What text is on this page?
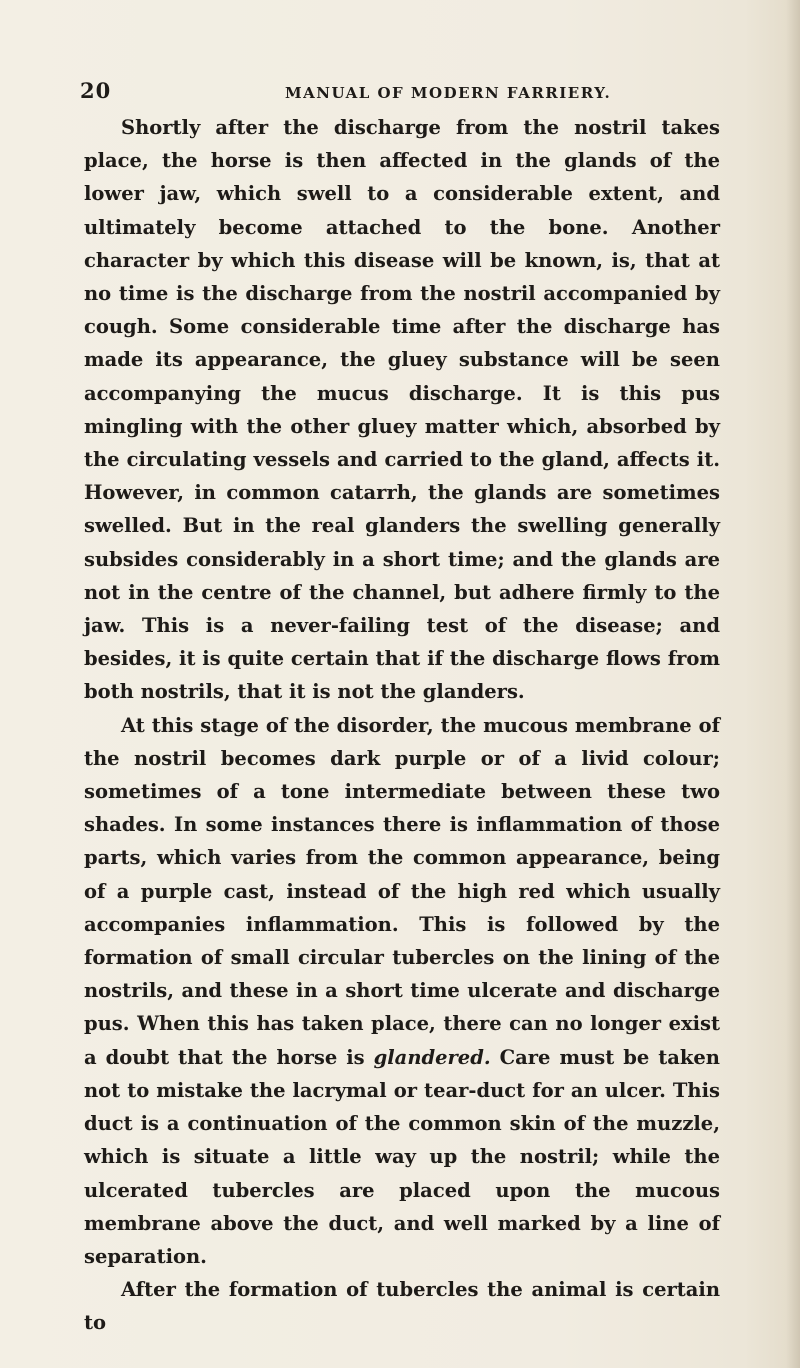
20	MANUAL OF MODERN FARRIERY.

Shortly after the discharge from the nostril takes place, the horse is then affected in the glands of the lower jaw, which swell to a considerable extent, and ultimately become attached to the bone. Another character by which this disease will be known, is, that at no time is the discharge from the nostril accompanied by cough. Some considerable time after the discharge has made its appearance, the gluey substance will be seen accompanying the mucus discharge. It is this pus mingling with the other gluey matter which, absorbed by the circulating vessels and carried to the gland, affects it. However, in common catarrh, the glands are sometimes swelled. But in the real glanders the swelling generally subsides considerably in a short time; and the glands are not in the centre of the channel, but adhere firmly to the jaw. This is a never-failing test of the disease; and besides, it is quite certain that if the discharge flows from both nostrils, that it is not the glanders.

At this stage of the disorder, the mucous membrane of the nostril becomes dark purple or of a livid colour; sometimes of a tone intermediate between these two shades. In some instances there is inflammation of those parts, which varies from the common appearance, being of a purple cast, instead of the high red which usually accompanies inflammation. This is followed by the formation of small circular tubercles on the lining of the nostrils, and these in a short time ulcerate and discharge pus. When this has taken place, there can no longer exist a doubt that the horse is glandered. Care must be taken not to mistake the lacrymal or tear-duct for an ulcer. This duct is a continuation of the common skin of the muzzle, which is situate a little way up the nostril; while the ulcerated tubercles are placed upon the mucous membrane above the duct, and well marked by a line of separation.

After the formation of tubercles the animal is certain to
